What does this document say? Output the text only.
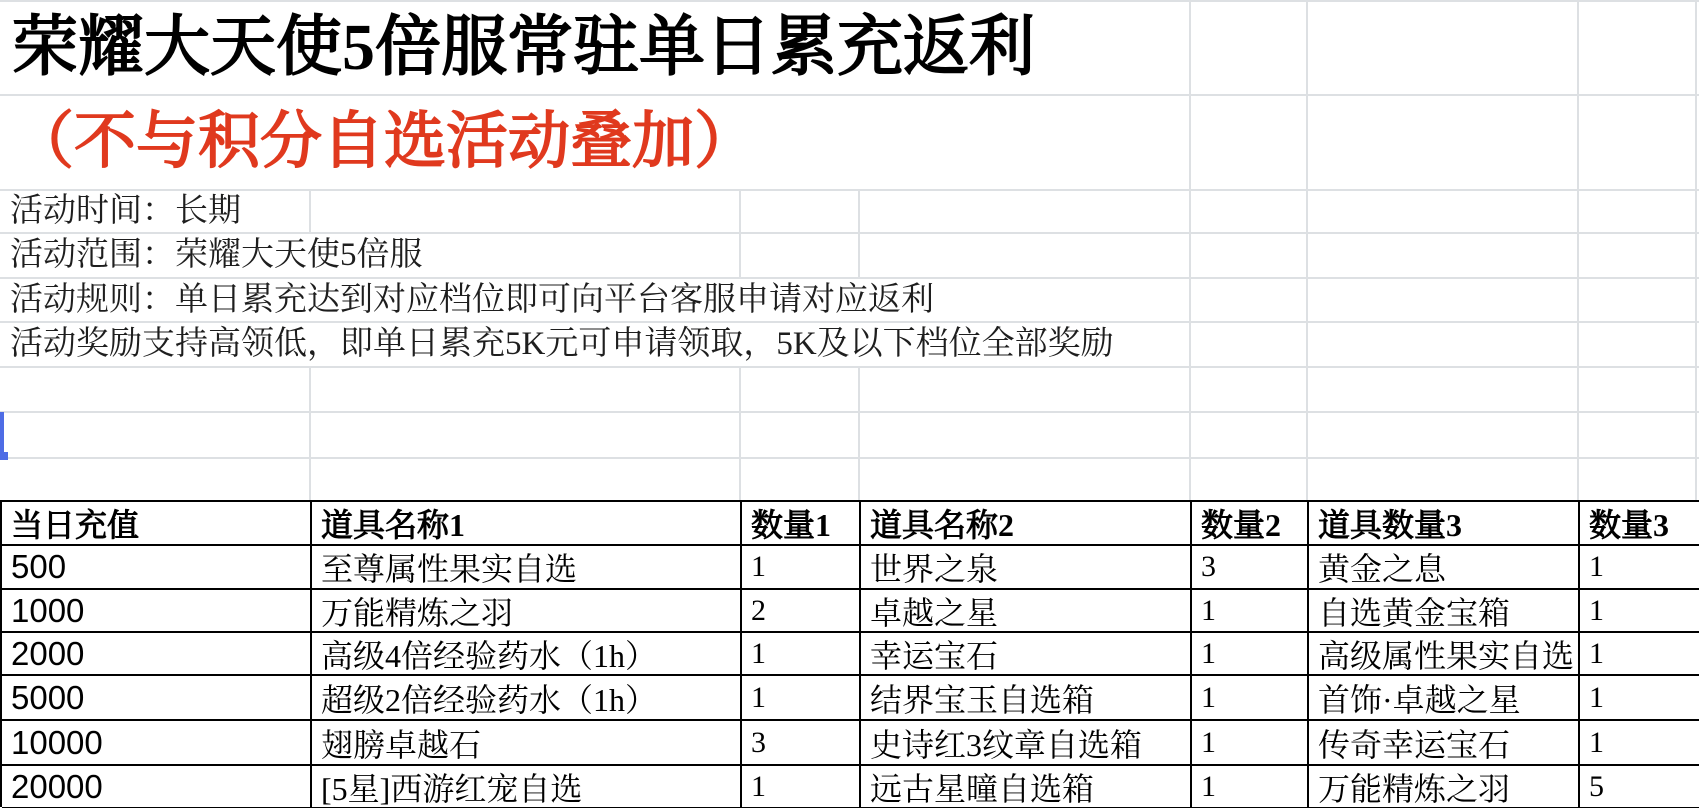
荣耀大天使5倍服常驻单日累充返利
（不与积分自选活动叠加）
活动时间：长期
活动范围：荣耀大天使5倍服
活动规则：单日累充达到对应档位即可向平台客服申请对应返利
活动奖励支持高领低，即单日累充5K元可申请领取，5K及以下档位全部奖励
当日充值	道具名称1	数量1	道具名称2	数量2	道具数量3	数量3
500	至尊属性果实自选	1	世界之泉	3	黄金之息	1
1000	万能精炼之羽	2	卓越之星	1	自选黄金宝箱	1
2000	高级4倍经验药水（1h）	1	幸运宝石	1	高级属性果实自选 1
5000	超级2倍经验药水（1h）	1	结界宝玉自选箱	1	首饰·卓越之星	1
10000	翅膀卓越石	3	史诗红3纹章自选箱	1	传奇幸运宝石	1
20000	[5星]西游红宠自选	1	远古星曈自选箱	1	万能精炼之羽	5
